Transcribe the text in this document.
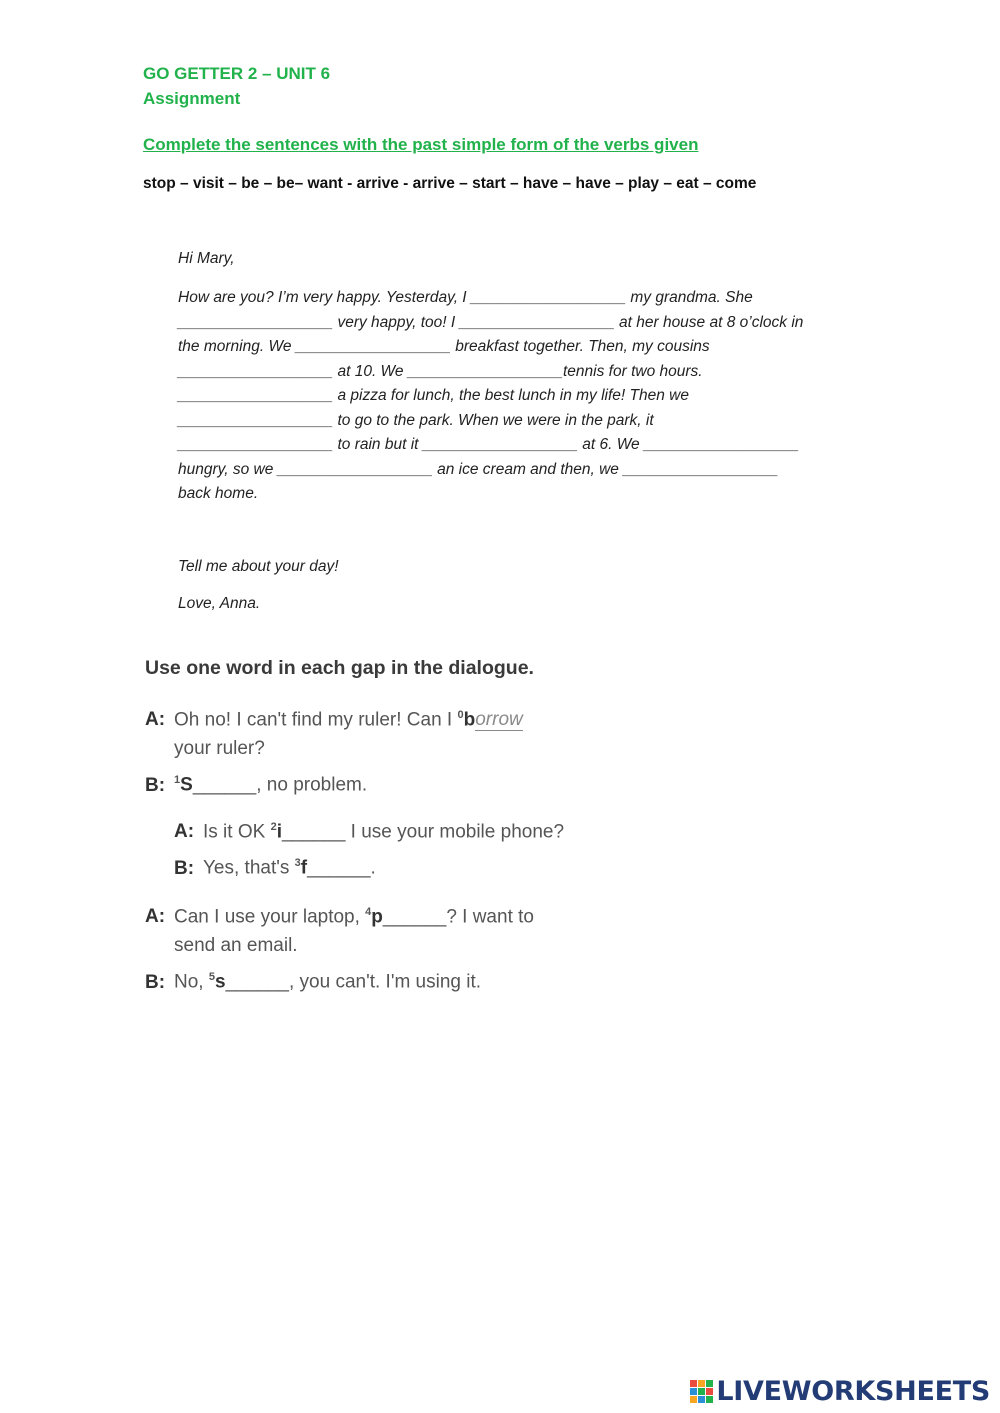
GO GETTER 2 – UNIT 6
Assignment
Complete the sentences with the past simple form of the verbs given
stop – visit – be – be– want - arrive - arrive – start – have – have – play – eat – come
Hi Mary,
How are you? I’m very happy. Yesterday, I __________________ my grandma. She
__________________ very happy, too! I __________________ at her house at 8 o’clock in
the morning. We __________________ breakfast together. Then, my cousins
__________________ at 10. We __________________tennis for two hours.
__________________ a pizza for lunch, the best lunch in my life! Then we
__________________ to go to the park. When we were in the park, it
__________________ to rain but it __________________ at 6. We __________________
hungry, so we __________________ an ice cream and then, we __________________
back home.
Tell me about your day!
Love, Anna.
Use one word in each gap in the dialogue.
A: Oh no! I can't find my ruler! Can I $^0$borrow
your ruler?
B: $^1$S______, no problem.
A: Is it OK $^2$i______ I use your mobile phone?
B: Yes, that's $^3$f______.
A: Can I use your laptop, $^4$p______? I want to
send an email.
B: No, $^5$s______, you can't. I'm using it.
LIVEWORKSHEETS
